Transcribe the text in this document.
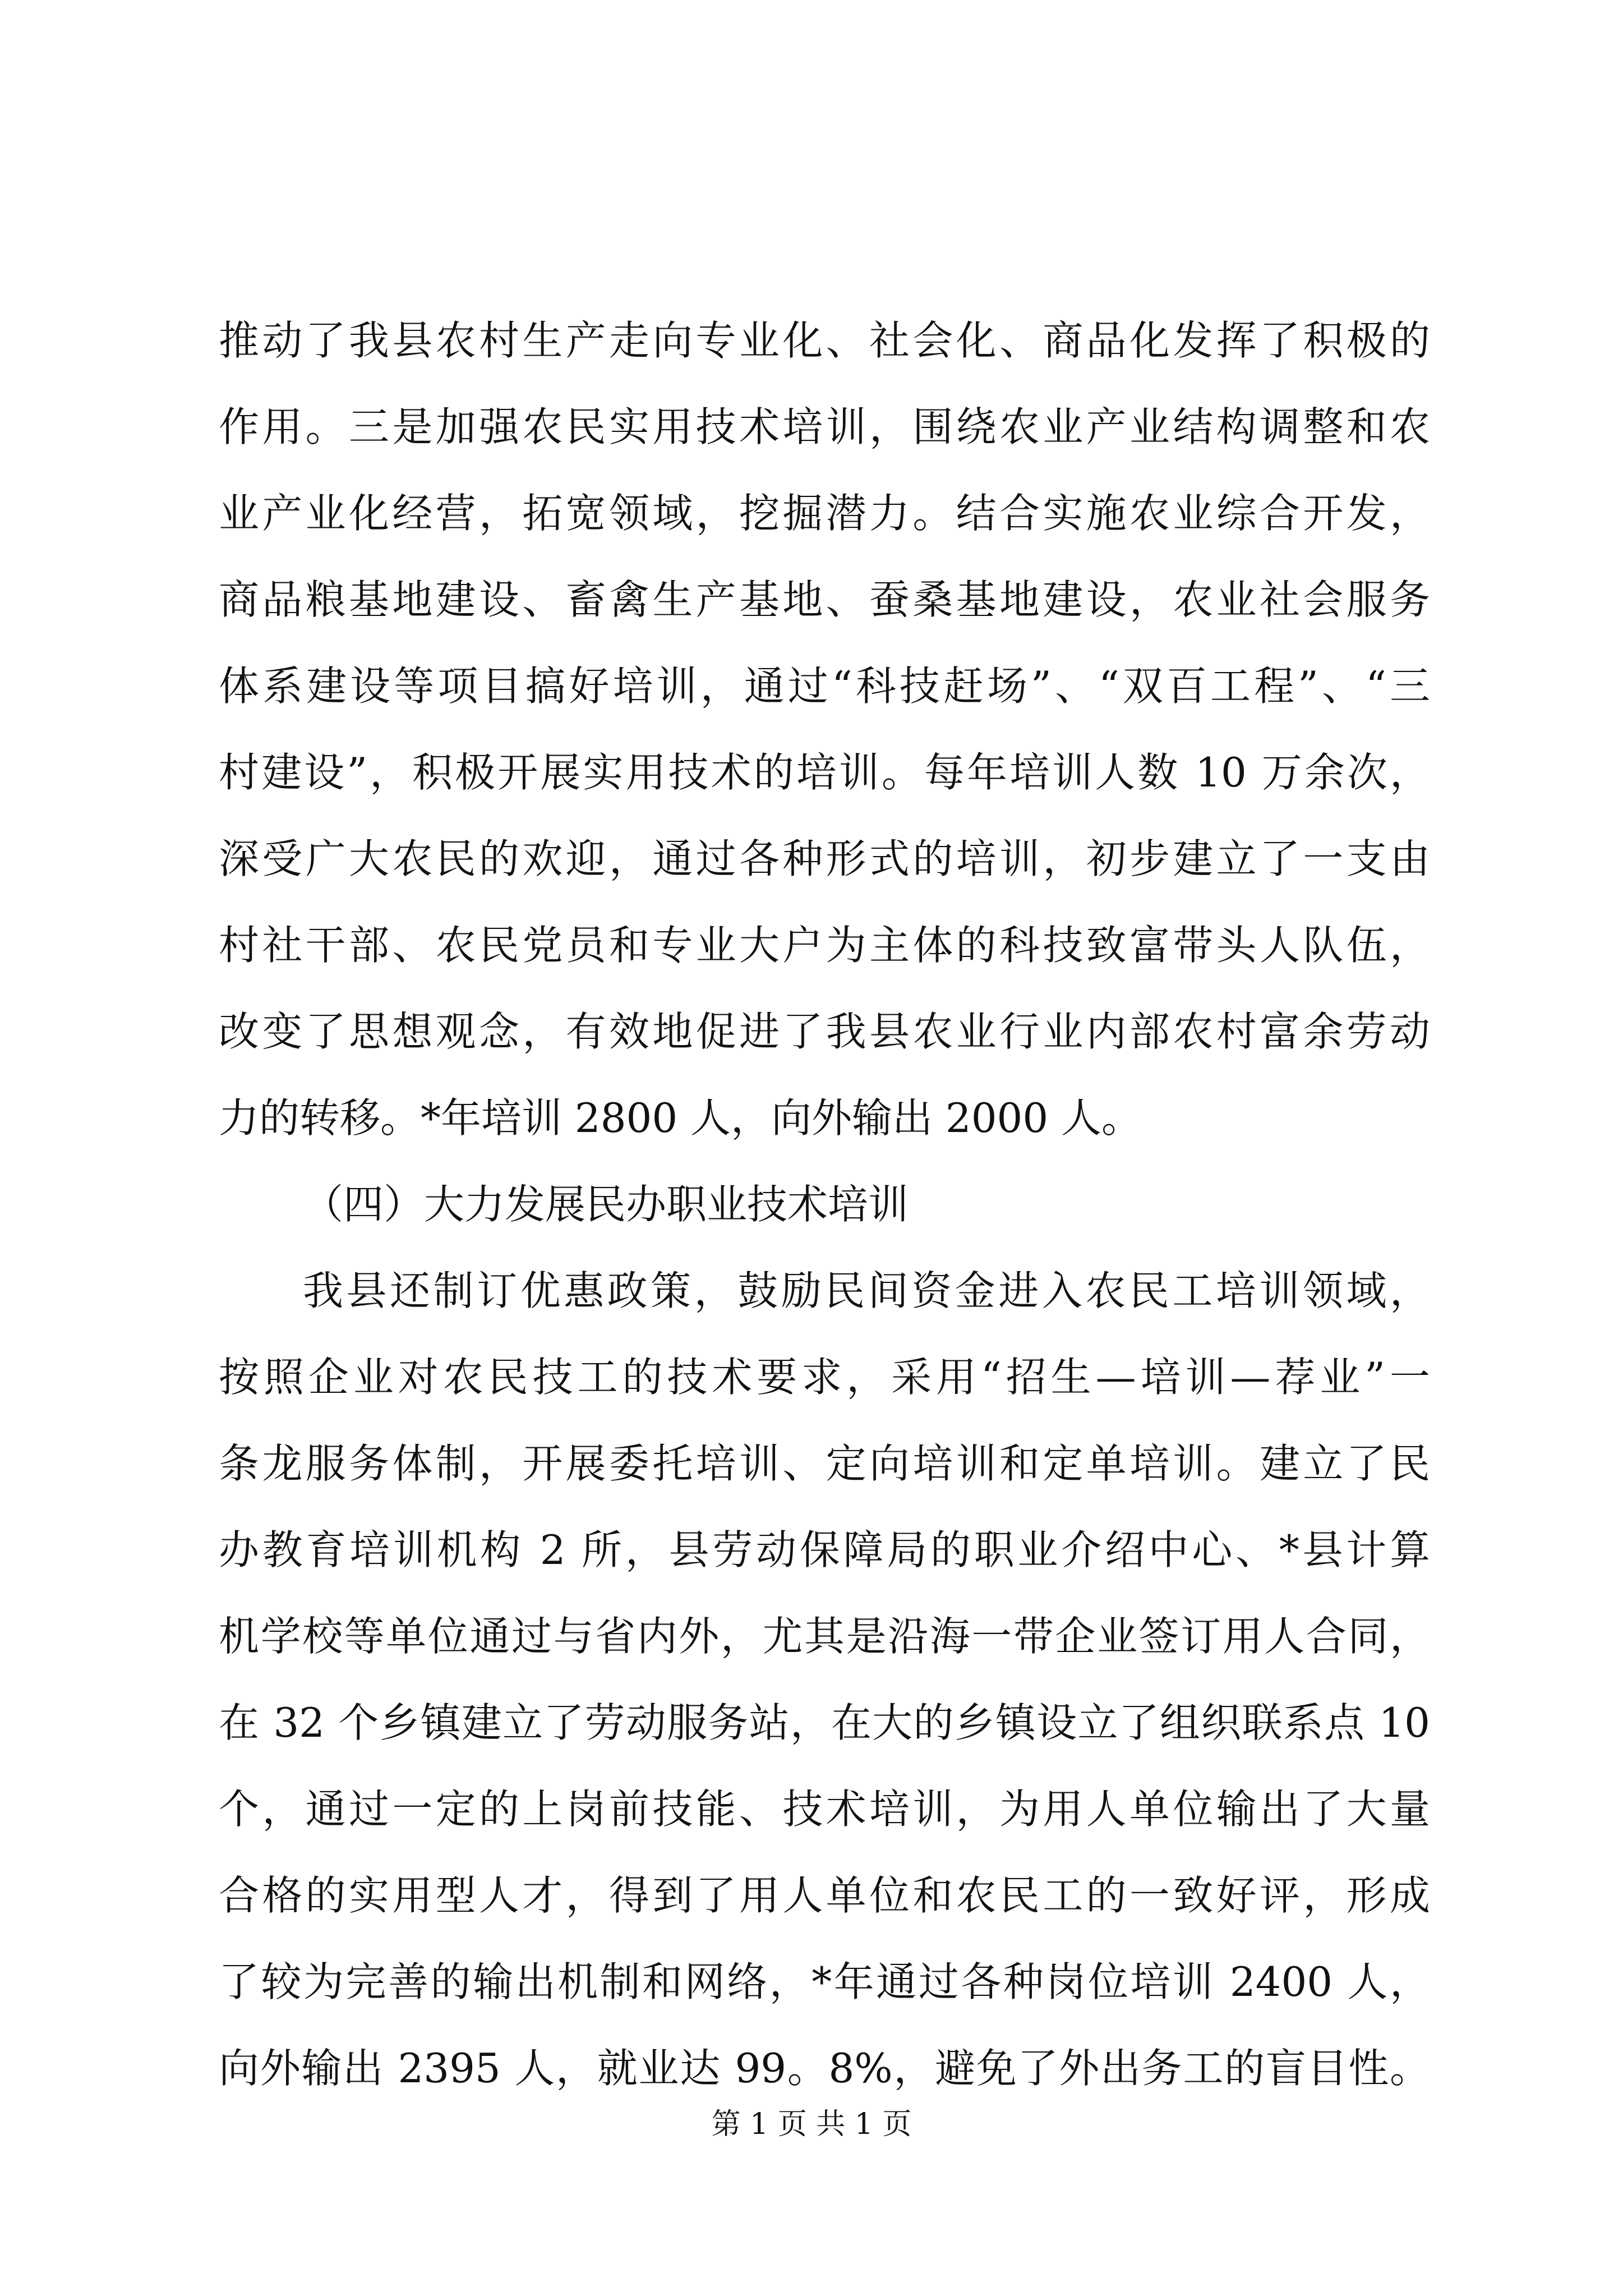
推动了我县农村生产走向专业化、社会化、商品化发挥了积极的
作用。三是加强农民实用技术培训，围绕农业产业结构调整和农
业产业化经营，拓宽领域，挖掘潜力。结合实施农业综合开发，
商品粮基地建设、畜禽生产基地、蚕桑基地建设，农业社会服务
体系建设等项目搞好培训，通过“科技赶场”、“双百工程”、“三
村建设”，积极开展实用技术的培训。每年培训人数 10 万余次，
深受广大农民的欢迎，通过各种形式的培训，初步建立了一支由
村社干部、农民党员和专业大户为主体的科技致富带头人队伍，
改变了思想观念，有效地促进了我县农业行业内部农村富余劳动
力的转移。*年培训 2800 人，向外输出 2000 人。
（四）大力发展民办职业技术培训
我县还制订优惠政策，鼓励民间资金进入农民工培训领域，
按照企业对农民技工的技术要求，采用“招生—培训—荐业”一
条龙服务体制，开展委托培训、定向培训和定单培训。建立了民
办教育培训机构 2 所，县劳动保障局的职业介绍中心、*县计算
机学校等单位通过与省内外，尤其是沿海一带企业签订用人合同，
在 32 个乡镇建立了劳动服务站，在大的乡镇设立了组织联系点 10
个，通过一定的上岗前技能、技术培训，为用人单位输出了大量
合格的实用型人才，得到了用人单位和农民工的一致好评，形成
了较为完善的输出机制和网络，*年通过各种岗位培训 2400 人，
向外输出 2395 人，就业达 99。8%，避免了外出务工的盲目性。
第 1 页 共 1 页
